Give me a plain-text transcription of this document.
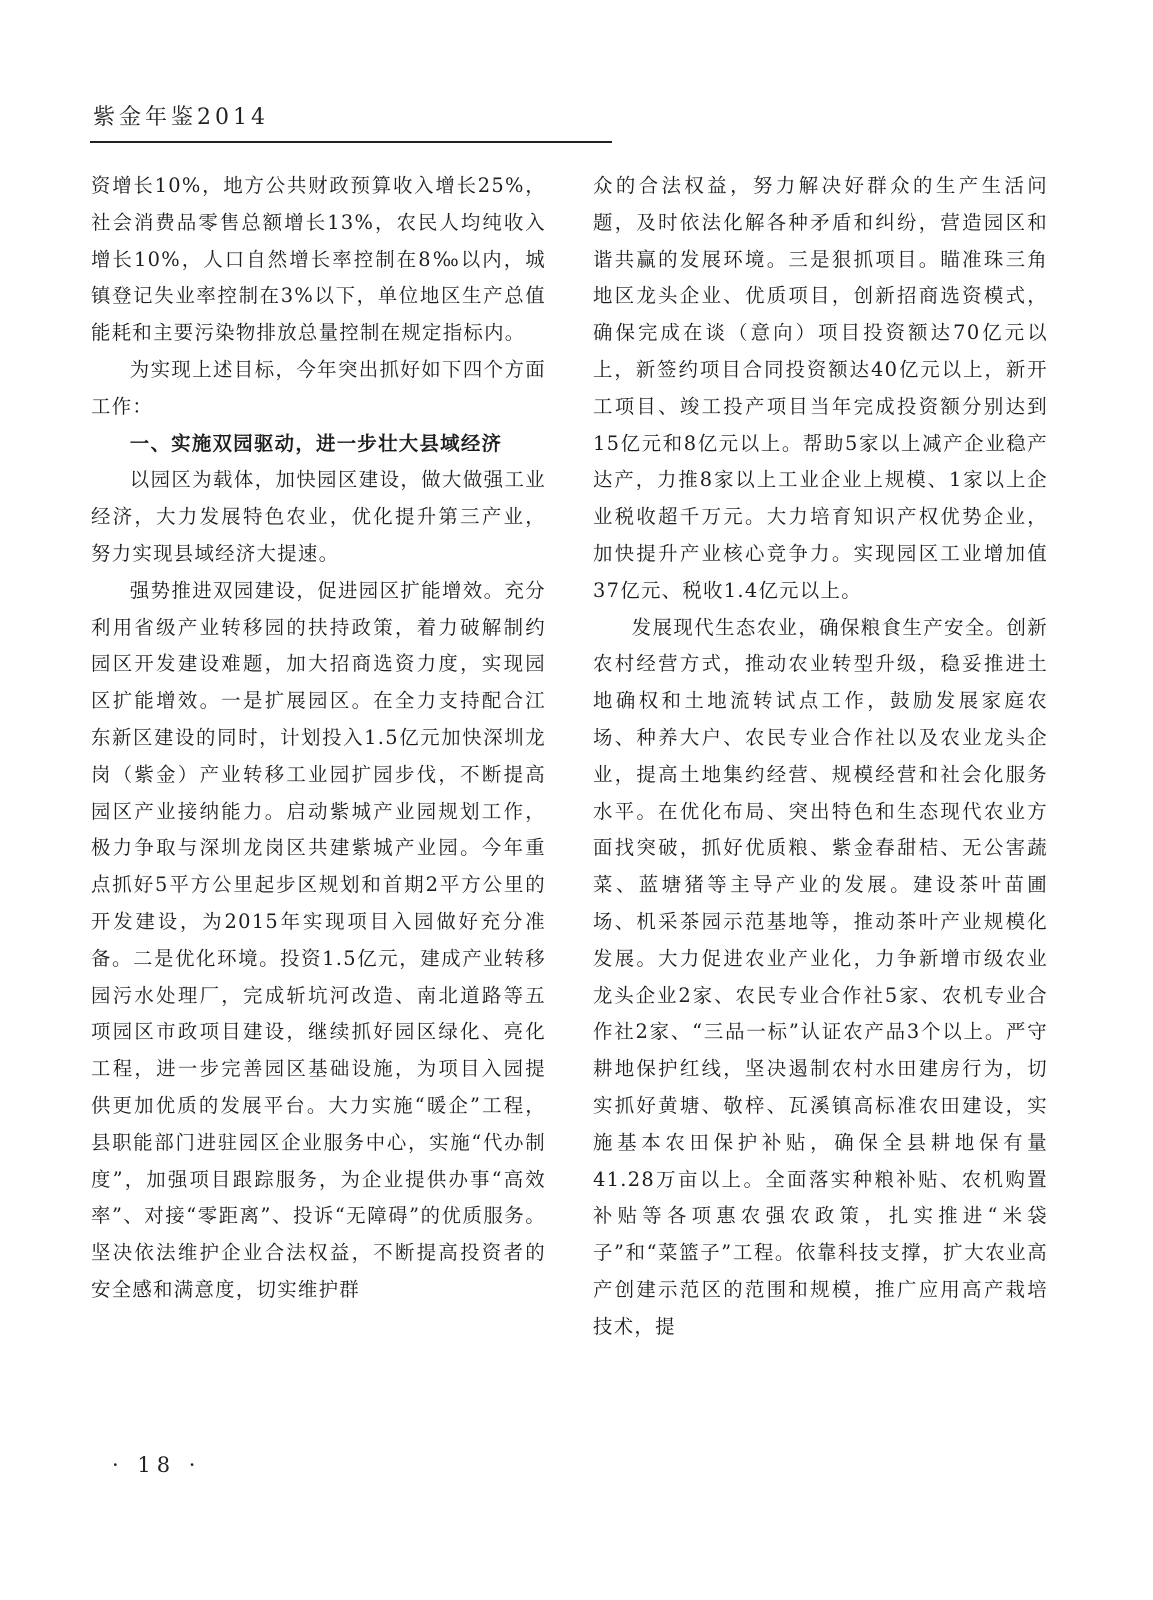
紫金年鉴2014

资增长10%，地方公共财政预算收入增长25%，社会消费品零售总额增长13%，农民人均纯收入增长10%，人口自然增长率控制在8‰以内，城镇登记失业率控制在3%以下，单位地区生产总值能耗和主要污染物排放总量控制在规定指标内。

为实现上述目标，今年突出抓好如下四个方面工作：

一、实施双园驱动，进一步壮大县域经济

以园区为载体，加快园区建设，做大做强工业经济，大力发展特色农业，优化提升第三产业，努力实现县域经济大提速。

强势推进双园建设，促进园区扩能增效。充分利用省级产业转移园的扶持政策，着力破解制约园区开发建设难题，加大招商选资力度，实现园区扩能增效。一是扩展园区。在全力支持配合江东新区建设的同时，计划投入1.5亿元加快深圳龙岗（紫金）产业转移工业园扩园步伐，不断提高园区产业接纳能力。启动紫城产业园规划工作，极力争取与深圳龙岗区共建紫城产业园。今年重点抓好5平方公里起步区规划和首期2平方公里的开发建设，为2015年实现项目入园做好充分准备。二是优化环境。投资1.5亿元，建成产业转移园污水处理厂，完成斩坑河改造、南北道路等五项园区市政项目建设，继续抓好园区绿化、亮化工程，进一步完善园区基础设施，为项目入园提供更加优质的发展平台。大力实施“暖企”工程，县职能部门进驻园区企业服务中心，实施“代办制度”，加强项目跟踪服务，为企业提供办事“高效率”、对接“零距离”、投诉“无障碍”的优质服务。坚决依法维护企业合法权益，不断提高投资者的安全感和满意度，切实维护群

众的合法权益，努力解决好群众的生产生活问题，及时依法化解各种矛盾和纠纷，营造园区和谐共赢的发展环境。三是狠抓项目。瞄准珠三角地区龙头企业、优质项目，创新招商选资模式，确保完成在谈（意向）项目投资额达70亿元以上，新签约项目合同投资额达40亿元以上，新开工项目、竣工投产项目当年完成投资额分别达到15亿元和8亿元以上。帮助5家以上减产企业稳产达产，力推8家以上工业企业上规模、1家以上企业税收超千万元。大力培育知识产权优势企业，加快提升产业核心竞争力。实现园区工业增加值37亿元、税收1.4亿元以上。

发展现代生态农业，确保粮食生产安全。创新农村经营方式，推动农业转型升级，稳妥推进土地确权和土地流转试点工作，鼓励发展家庭农场、种养大户、农民专业合作社以及农业龙头企业，提高土地集约经营、规模经营和社会化服务水平。在优化布局、突出特色和生态现代农业方面找突破，抓好优质粮、紫金春甜桔、无公害蔬菜、蓝塘猪等主导产业的发展。建设茶叶苗圃场、机采茶园示范基地等，推动茶叶产业规模化发展。大力促进农业产业化，力争新增市级农业龙头企业2家、农民专业合作社5家、农机专业合作社2家、“三品一标”认证农产品3个以上。严守耕地保护红线，坚决遏制农村水田建房行为，切实抓好黄塘、敬梓、瓦溪镇高标准农田建设，实施基本农田保护补贴，确保全县耕地保有量41.28万亩以上。全面落实种粮补贴、农机购置补贴等各项惠农强农政策，扎实推进“米袋子”和“菜篮子”工程。依靠科技支撑，扩大农业高产创建示范区的范围和规模，推广应用高产栽培技术，提

· 18 ·
